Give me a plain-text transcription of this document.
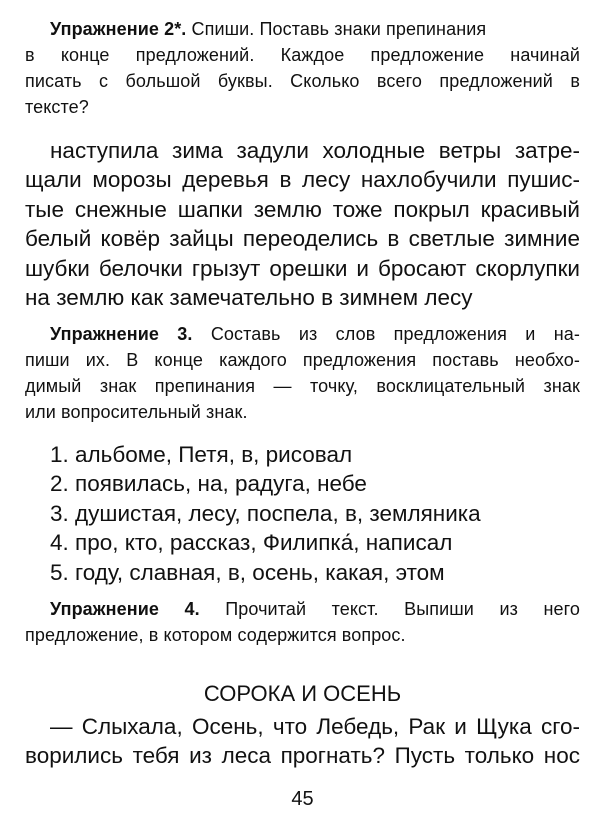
Упражнение 2*. Спиши. Поставь знаки препинания
в конце предложений. Каждое предложение начинай
писать с большой буквы. Сколько всего предложений в
тексте?
наступила зима задули холодные ветры затре-
щали морозы деревья в лесу нахлобучили пушис-
тые снежные шапки землю тоже покрыл красивый
белый ковёр зайцы переоделись в светлые зимние
шубки белочки грызут орешки и бросают скорлупки
на землю как замечательно в зимнем лесу
Упражнение 3. Составь из слов предложения и на-
пиши их. В конце каждого предложения поставь необхо-
димый знак препинания — точку, восклицательный знак
или вопросительный знак.
1. альбоме, Петя, в, рисовал
2. появилась, на, радуга, небе
3. душистая, лесу, поспела, в, земляника
4. про, кто, рассказ, Филипка́, написал
5. году, славная, в, осень, какая, этом
Упражнение 4. Прочитай текст. Выпиши из него
предложение, в котором содержится вопрос.
СОРОКА И ОСЕНЬ
— Слыхала, Осень, что Лебедь, Рак и Щука сго-
ворились тебя из леса прогнать? Пусть только нос
45
